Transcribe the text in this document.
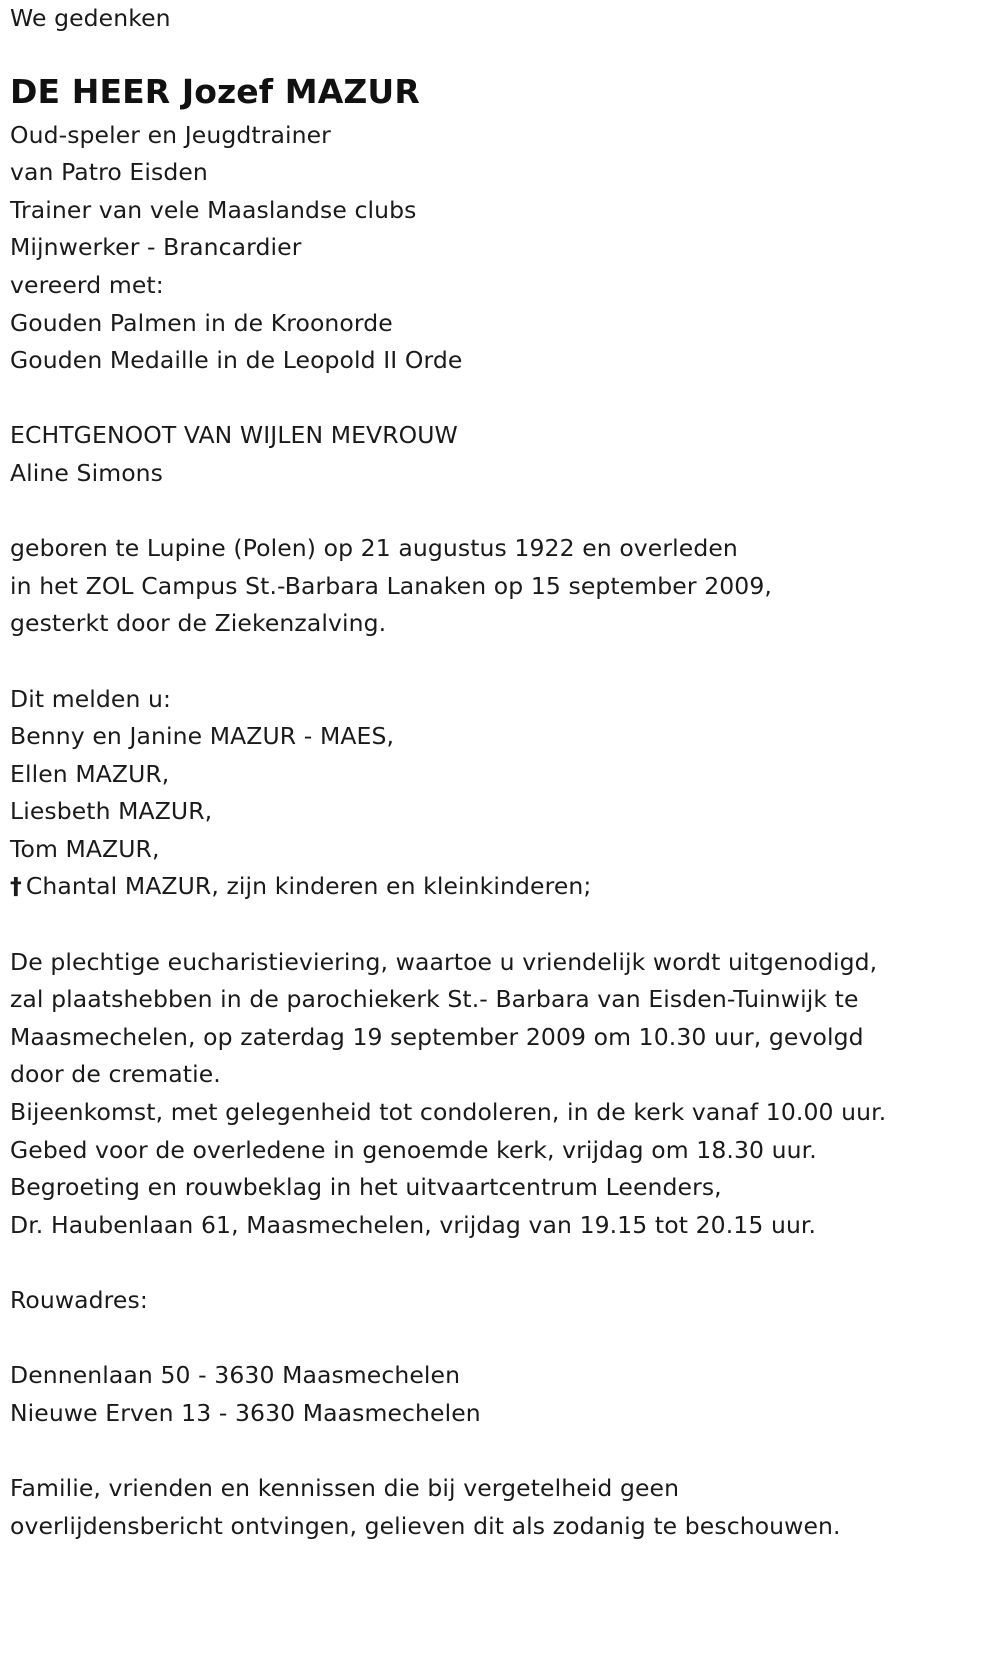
We gedenken
DE HEER Jozef MAZUR
Oud-speler en Jeugdtrainer
van Patro Eisden
Trainer van vele Maaslandse clubs
Mijnwerker - Brancardier
vereerd met:
Gouden Palmen in de Kroonorde
Gouden Medaille in de Leopold II Orde
ECHTGENOOT VAN WIJLEN MEVROUW
Aline Simons
geboren te Lupine (Polen) op 21 augustus 1922 en overleden
in het ZOL Campus St.-Barbara Lanaken op 15 september 2009,
gesterkt door de Ziekenzalving.
Dit melden u:
Benny en Janine MAZUR - MAES,
Ellen MAZUR,
Liesbeth MAZUR,
Tom MAZUR,
† Chantal MAZUR, zijn kinderen en kleinkinderen;
De plechtige eucharistieviering, waartoe u vriendelijk wordt uitgenodigd,
zal plaatshebben in de parochiekerk St.- Barbara van Eisden-Tuinwijk te
Maasmechelen, op zaterdag 19 september 2009 om 10.30 uur, gevolgd
door de crematie.
Bijeenkomst, met gelegenheid tot condoleren, in de kerk vanaf 10.00 uur.
Gebed voor de overledene in genoemde kerk, vrijdag om 18.30 uur.
Begroeting en rouwbeklag in het uitvaartcentrum Leenders,
Dr. Haubenlaan 61, Maasmechelen, vrijdag van 19.15 tot 20.15 uur.
Rouwadres:
Dennenlaan 50 - 3630 Maasmechelen
Nieuwe Erven 13 - 3630 Maasmechelen
Familie, vrienden en kennissen die bij vergetelheid geen
overlijdensbericht ontvingen, gelieven dit als zodanig te beschouwen.
